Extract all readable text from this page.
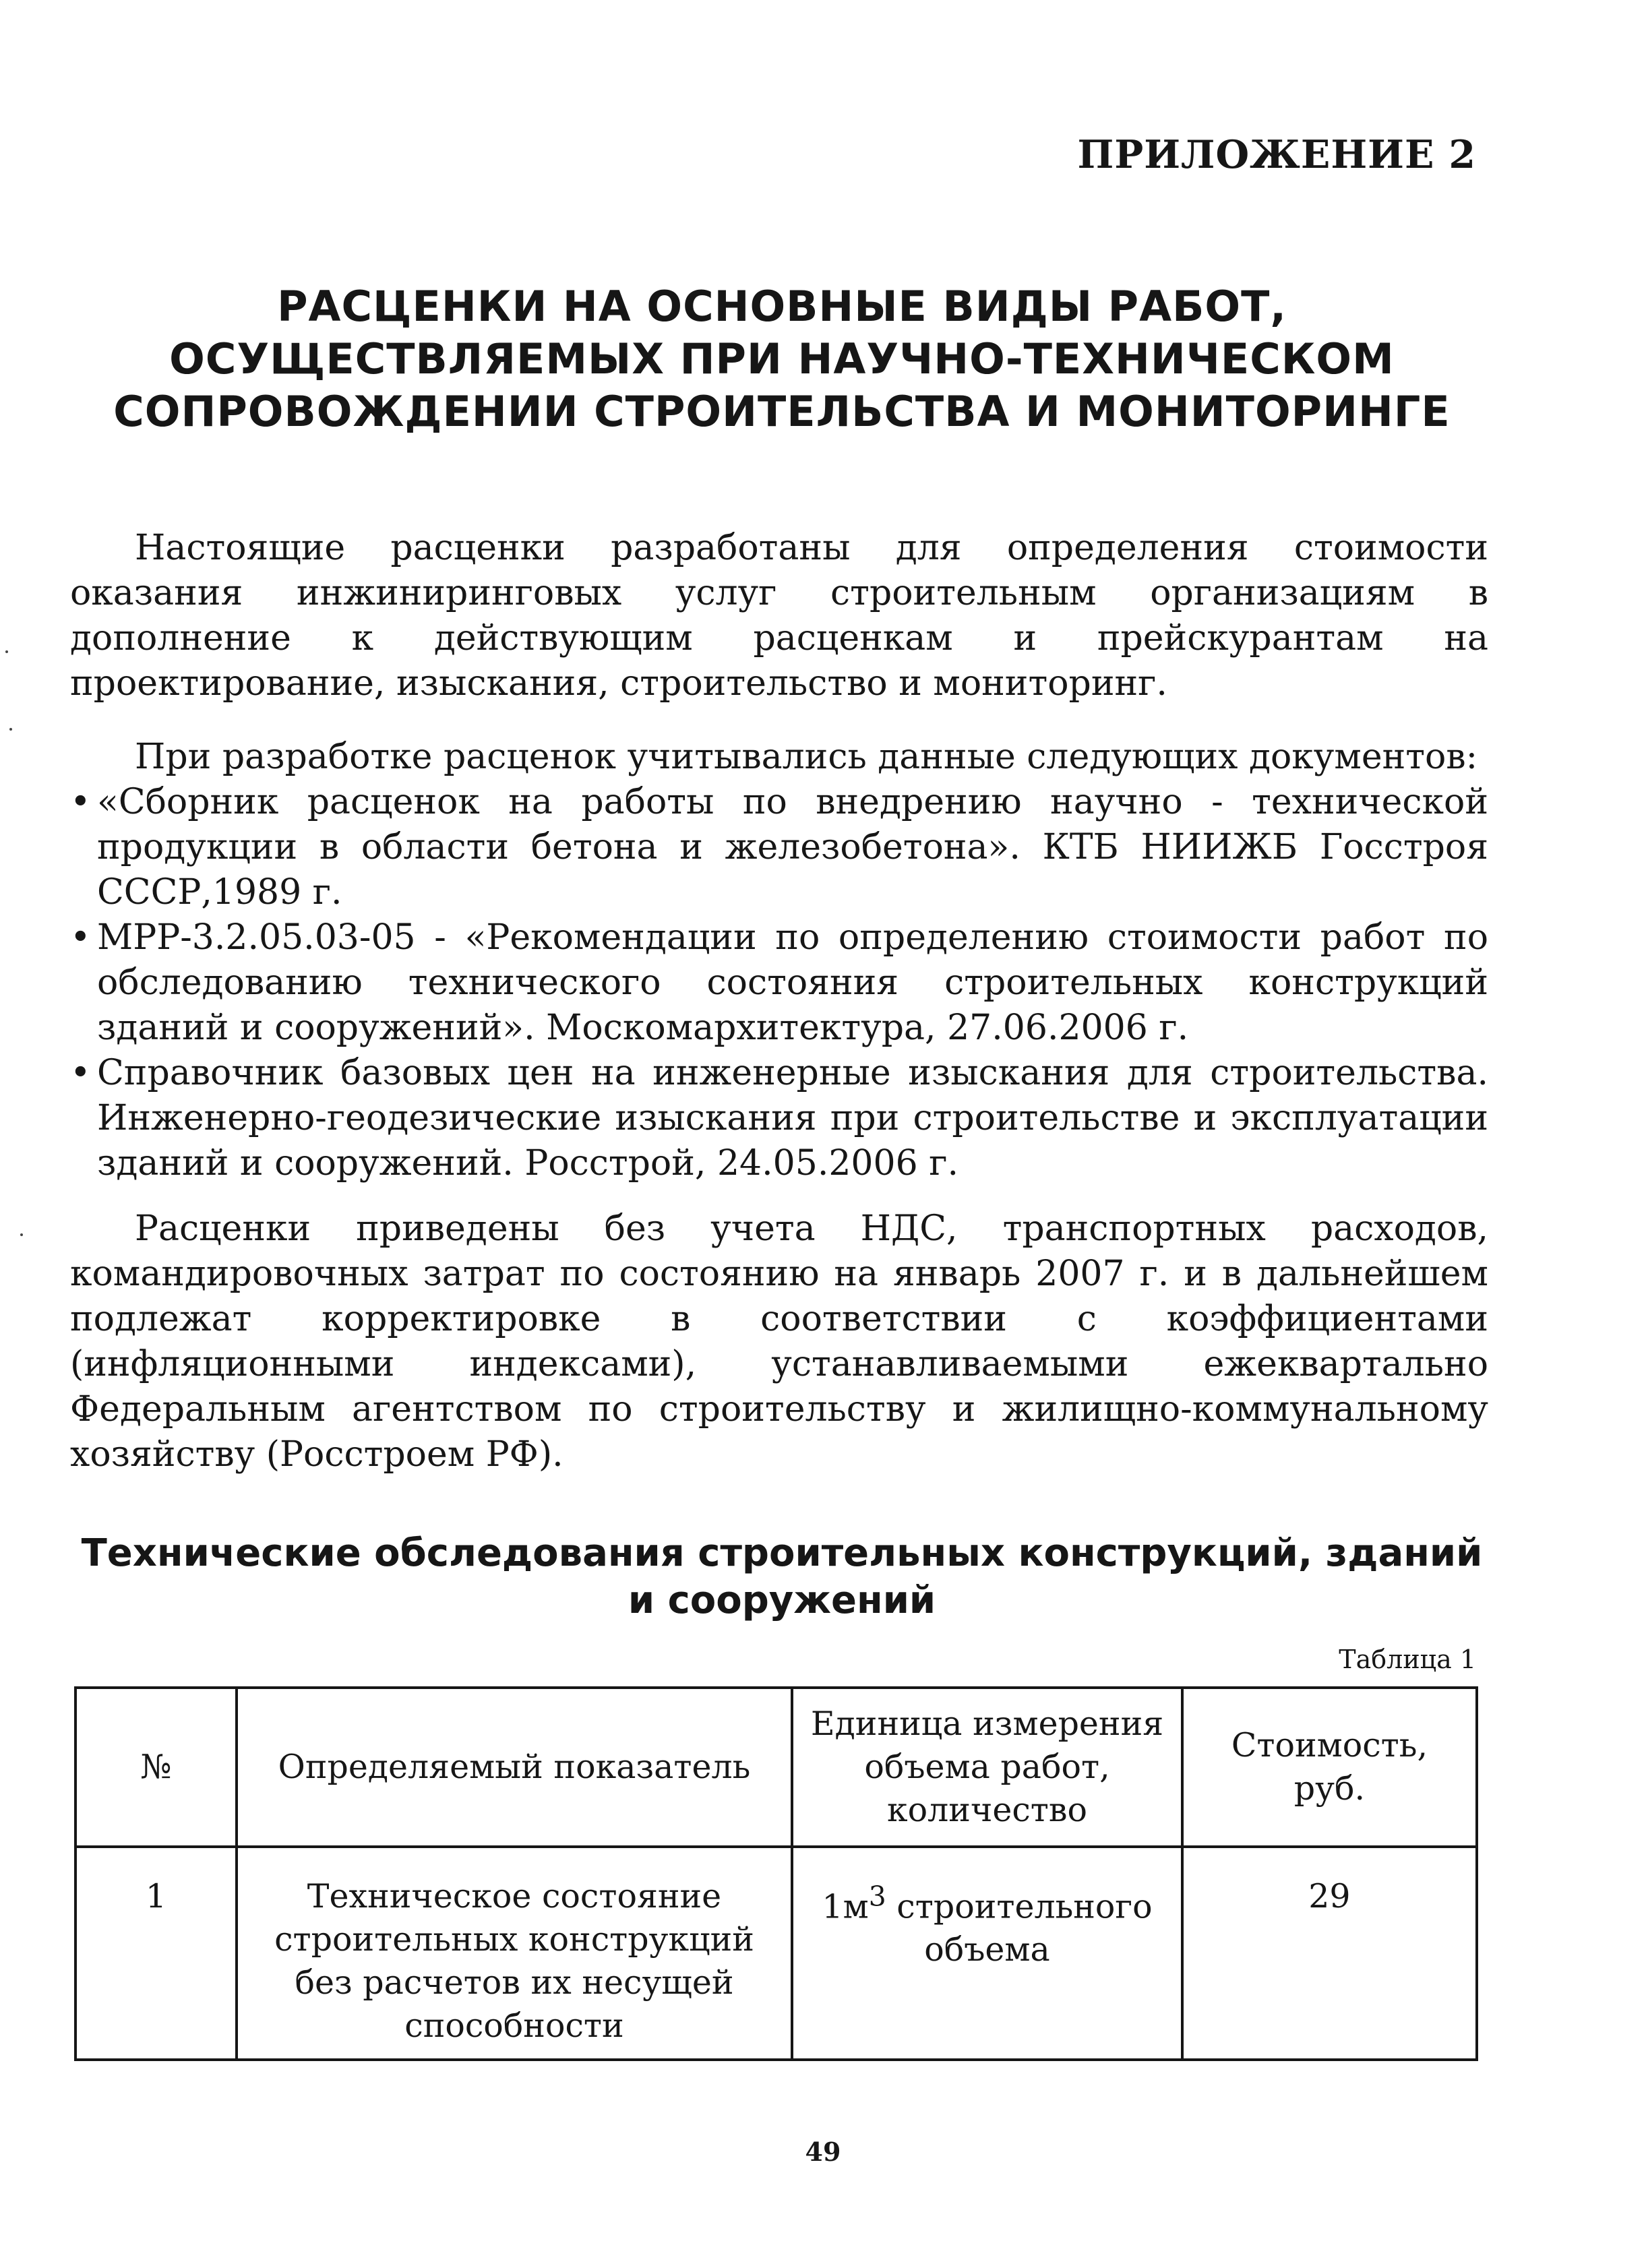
ПРИЛОЖЕНИЕ 2
РАСЦЕНКИ НА ОСНОВНЫЕ ВИДЫ РАБОТ,
ОСУЩЕСТВЛЯЕМЫХ ПРИ НАУЧНО-ТЕХНИЧЕСКОМ
СОПРОВОЖДЕНИИ СТРОИТЕЛЬСТВА И МОНИТОРИНГЕ

Настоящие расценки разработаны для определения стоимости оказания инжиниринговых услуг строительным организациям в дополнение к действующим расценкам и прейскурантам на проектирование, изыскания, строительство и мониторинг.

При разработке расценок учитывались данные следующих документов:

• «Сборник расценок на работы по внедрению научно - технической продукции в области бетона и железобетона». КТБ НИИЖБ Госстроя СССР,1989 г.
• МРР-3.2.05.03-05 - «Рекомендации по определению стоимости работ по обследованию технического состояния строительных конструкций зданий и сооружений». Москомархитектура, 27.06.2006 г.
• Справочник базовых цен на инженерные изыскания для строительства. Инженерно-геодезические изыскания при строительстве и эксплуатации зданий и сооружений. Росстрой, 24.05.2006 г.

Расценки приведены без учета НДС, транспортных расходов, командировочных затрат по состоянию на январь 2007 г. и в дальнейшем подлежат корректировке в соответствии с коэффициентами (инфляционными индексами), устанавливаемыми ежеквартально Федеральным агентством по строительству и жилищно-коммунальному хозяйству (Росстроем РФ).

Технические обследования строительных конструкций, зданий
и сооружений
Таблица 1
№	Определяемый показатель	Единица измерения объема работ, количество	Стоимость, руб.
1	Техническое состояние строительных конструкций без расчетов их несущей способности	$1м^3$ строительного объема	29
49
